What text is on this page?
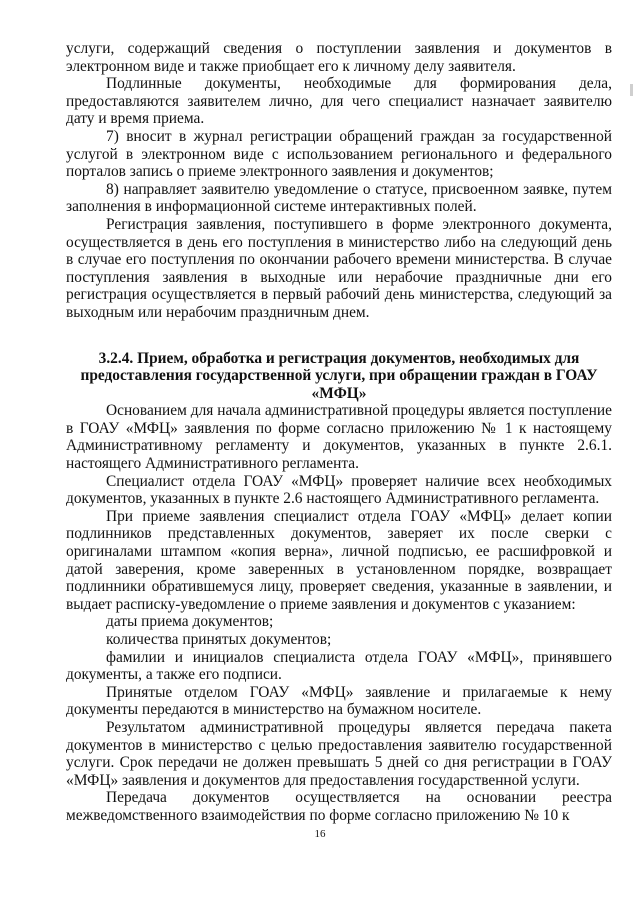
услуги, содержащий сведения о поступлении заявления и документов в электронном виде и также приобщает его к личному делу заявителя.

Подлинные документы, необходимые для формирования дела, предоставляются заявителем лично, для чего специалист назначает заявителю дату и время приема.

7) вносит в журнал регистрации обращений граждан за государственной услугой в электронном виде с использованием регионального и федерального порталов запись о приеме электронного заявления и документов;

8) направляет заявителю уведомление о статусе, присвоенном заявке, путем заполнения в информационной системе интерактивных полей.

Регистрация заявления, поступившего в форме электронного документа, осуществляется в день его поступления в министерство либо на следующий день в случае его поступления по окончании рабочего времени министерства. В случае поступления заявления в выходные или нерабочие праздничные дни его регистрация осуществляется в первый рабочий день министерства, следующий за выходным или нерабочим праздничным днем.

3.2.4. Прием, обработка и регистрация документов, необходимых для предоставления государственной услуги, при обращении граждан в ГОАУ «МФЦ»

Основанием для начала административной процедуры является поступление в ГОАУ «МФЦ» заявления по форме согласно приложению № 1 к настоящему Административному регламенту и документов, указанных в пункте 2.6.1. настоящего Административного регламента.

Специалист отдела ГОАУ «МФЦ» проверяет наличие всех необходимых документов, указанных в пункте 2.6 настоящего Административного регламента.

При приеме заявления специалист отдела ГОАУ «МФЦ» делает копии подлинников представленных документов, заверяет их после сверки с оригиналами штампом «копия верна», личной подписью, ее расшифровкой и датой заверения, кроме заверенных в установленном порядке, возвращает подлинники обратившемуся лицу, проверяет сведения, указанные в заявлении, и выдает расписку-уведомление о приеме заявления и документов с указанием:

даты приема документов;

количества принятых документов;

фамилии и инициалов специалиста отдела ГОАУ «МФЦ», принявшего документы, а также его подписи.

Принятые отделом ГОАУ «МФЦ» заявление и прилагаемые к нему документы передаются в министерство на бумажном носителе.

Результатом административной процедуры является передача пакета документов в министерство с целью предоставления заявителю государственной услуги. Срок передачи не должен превышать 5 дней со дня регистрации в ГОАУ «МФЦ» заявления и документов для предоставления государственной услуги.

Передача документов осуществляется на основании реестра межведомственного взаимодействия по форме согласно приложению № 10 к

16
